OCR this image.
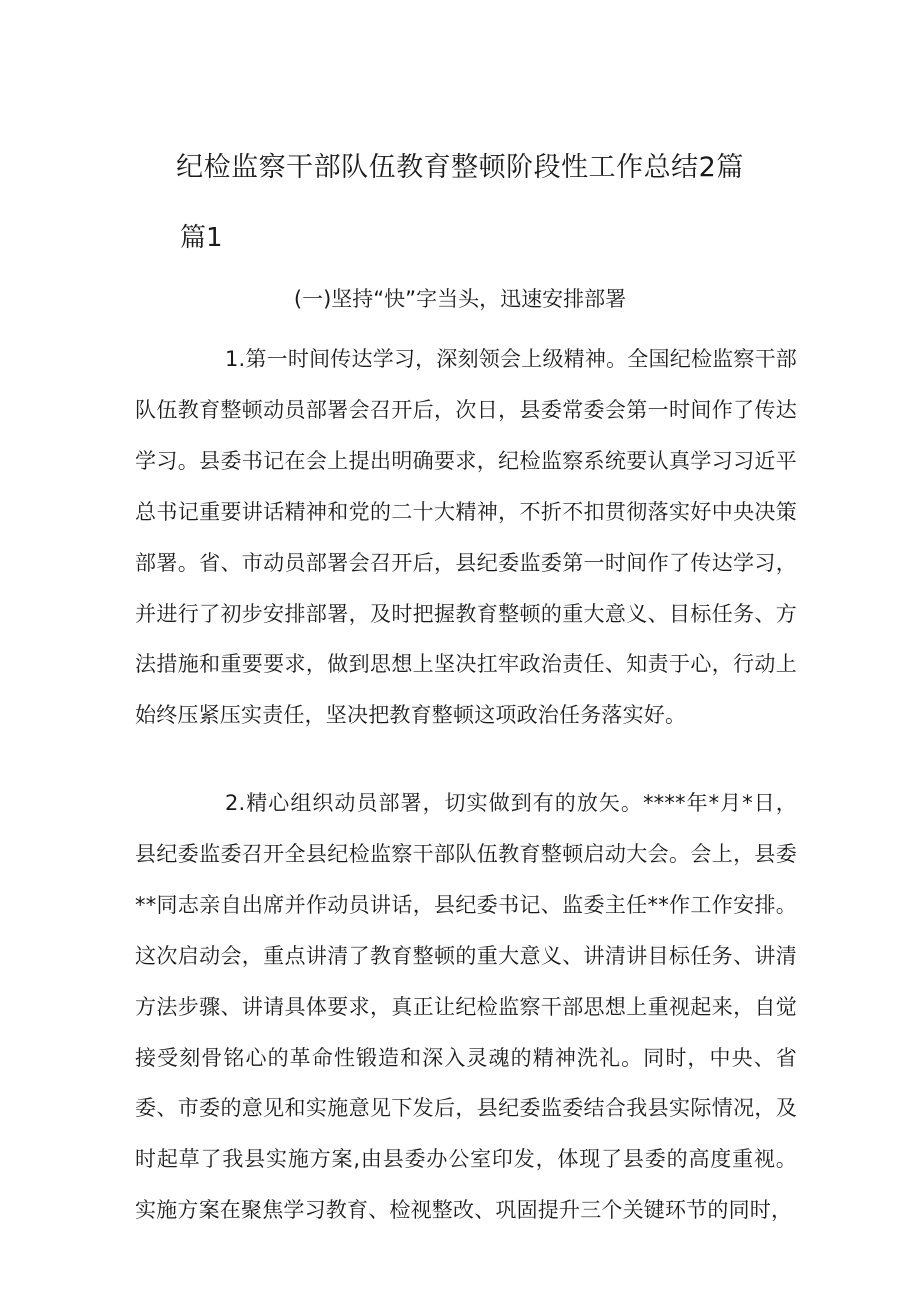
纪检监察干部队伍教育整顿阶段性工作总结2篇
篇1
(一)坚持“快”字当头，迅速安排部署

1.第一时间传达学习，深刻领会上级精神。全国纪检监察干部队伍教育整顿动员部署会召开后，次日，县委常委会第一时间作了传达学习。县委书记在会上提出明确要求，纪检监察系统要认真学习习近平总书记重要讲话精神和党的二十大精神，不折不扣贯彻落实好中央决策部署。省、市动员部署会召开后，县纪委监委第一时间作了传达学习，并进行了初步安排部署，及时把握教育整顿的重大意义、目标任务、方法措施和重要要求，做到思想上坚决扛牢政治责任、知责于心，行动上始终压紧压实责任，坚决把教育整顿这项政治任务落实好。

2.精心组织动员部署，切实做到有的放矢。****年*月*日，县纪委监委召开全县纪检监察干部队伍教育整顿启动大会。会上，县委**同志亲自出席并作动员讲话，县纪委书记、监委主任**作工作安排。这次启动会，重点讲清了教育整顿的重大意义、讲清讲目标任务、讲清方法步骤、讲请具体要求，真正让纪检监察干部思想上重视起来，自觉接受刻骨铭心的革命性锻造和深入灵魂的精神洗礼。同时，中央、省委、市委的意见和实施意见下发后，县纪委监委结合我县实际情况，及时起草了我县实施方案,由县委办公室印发，体现了县委的高度重视。实施方案在聚焦学习教育、检视整改、巩固提升三个关键环节的同时，
